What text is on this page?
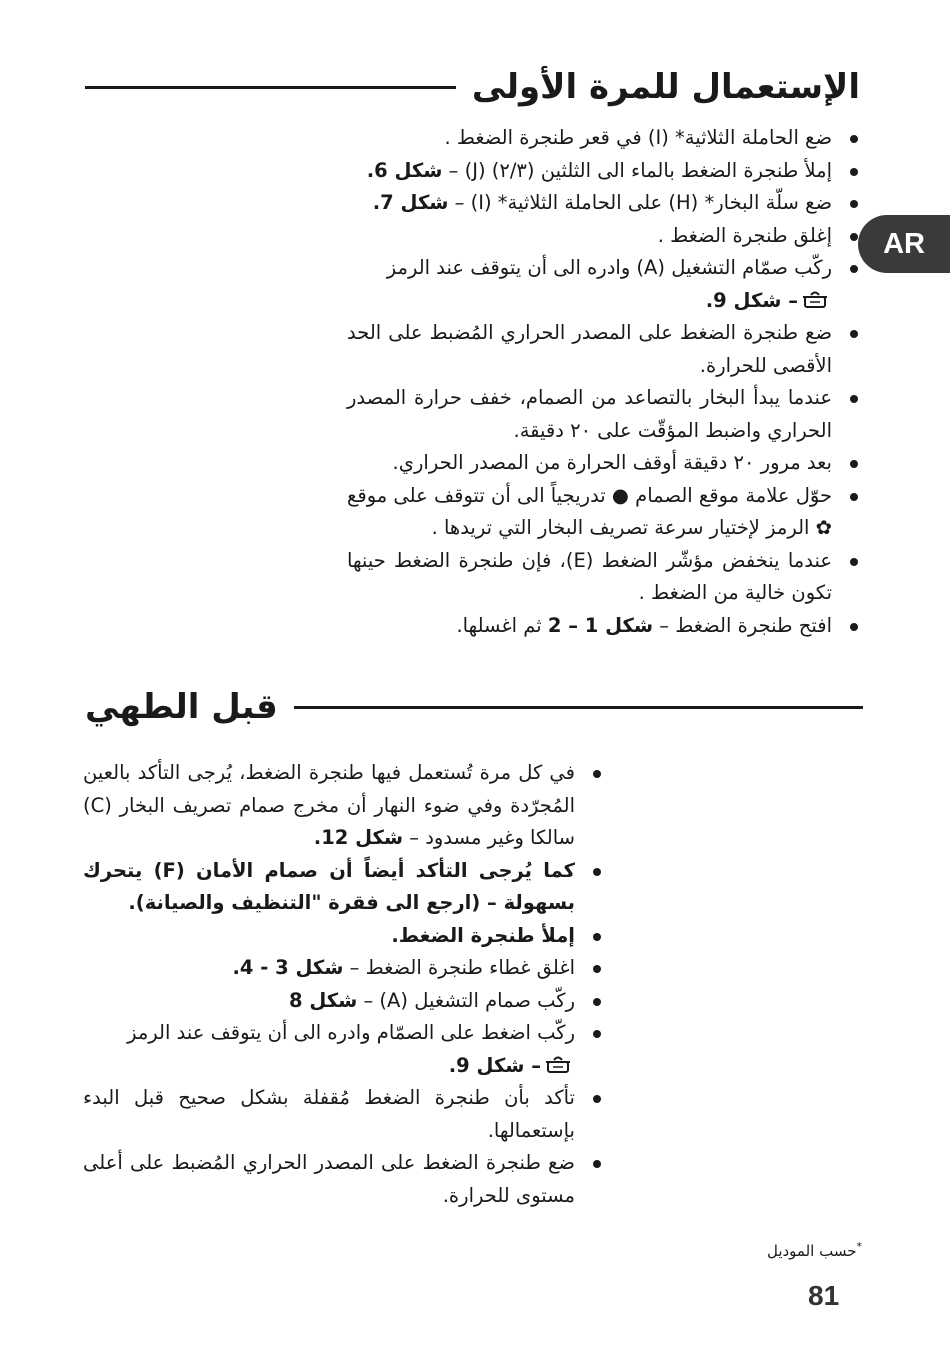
الإستعمال للمرة الأولى
AR
ضع الحاملة الثلاثية* (I) في قعر طنجرة الضغط .
إملأ طنجرة الضغط بالماء الى الثلثين (٢/٣) (J) – شكل 6.
ضع سلّة البخار* (H) على الحاملة الثلاثية* (I) – شكل 7.
إغلق طنجرة الضغط .
ركّب صمّام التشغيل (A) وادره الى أن يتوقف عند الرمز
– شكل 9.
ضع طنجرة الضغط على المصدر الحراري المُضبط على الحد الأقصى للحرارة.
عندما يبدأ البخار بالتصاعد من الصمام، خفف حرارة المصدر الحراري واضبط المؤقّت على ٢٠ دقيقة.
بعد مرور ٢٠ دقيقة أوقف الحرارة من المصدر الحراري.
حوّل علامة موقع الصمام ● تدريجياً الى أن تتوقف على موقع ✿ الرمز لإختيار سرعة تصريف البخار التي تريدها .
عندما ينخفض مؤشّر الضغط (E)، فإن طنجرة الضغط حينها تكون خالية من الضغط .
افتح طنجرة الضغط – شكل 1 – 2 ثم اغسلها.
قبل الطهي
في كل مرة تُستعمل فيها طنجرة الضغط، يُرجى التأكد بالعين المُجرّدة وفي ضوء النهار أن مخرج صمام تصريف البخار (C) سالكا وغير مسدود – شكل 12.
كما يُرجى التأكد أيضاً أن صمام الأمان (F) يتحرك بسهولة – (ارجع الى فقرة "التنظيف والصيانة).
إملأ طنجرة الضغط.
اغلق غطاء طنجرة الضغط – شكل 3 - 4.
ركّب صمام التشغيل (A) – شكل 8
ركّب اضغط على الصمّام وادره الى أن يتوقف عند الرمز
– شكل 9.
تأكد بأن طنجرة الضغط مُقفلة بشكل صحيح قبل البدء بإستعمالها.
ضع طنجرة الضغط على المصدر الحراري المُضبط على أعلى مستوى للحرارة.
*حسب الموديل
81
